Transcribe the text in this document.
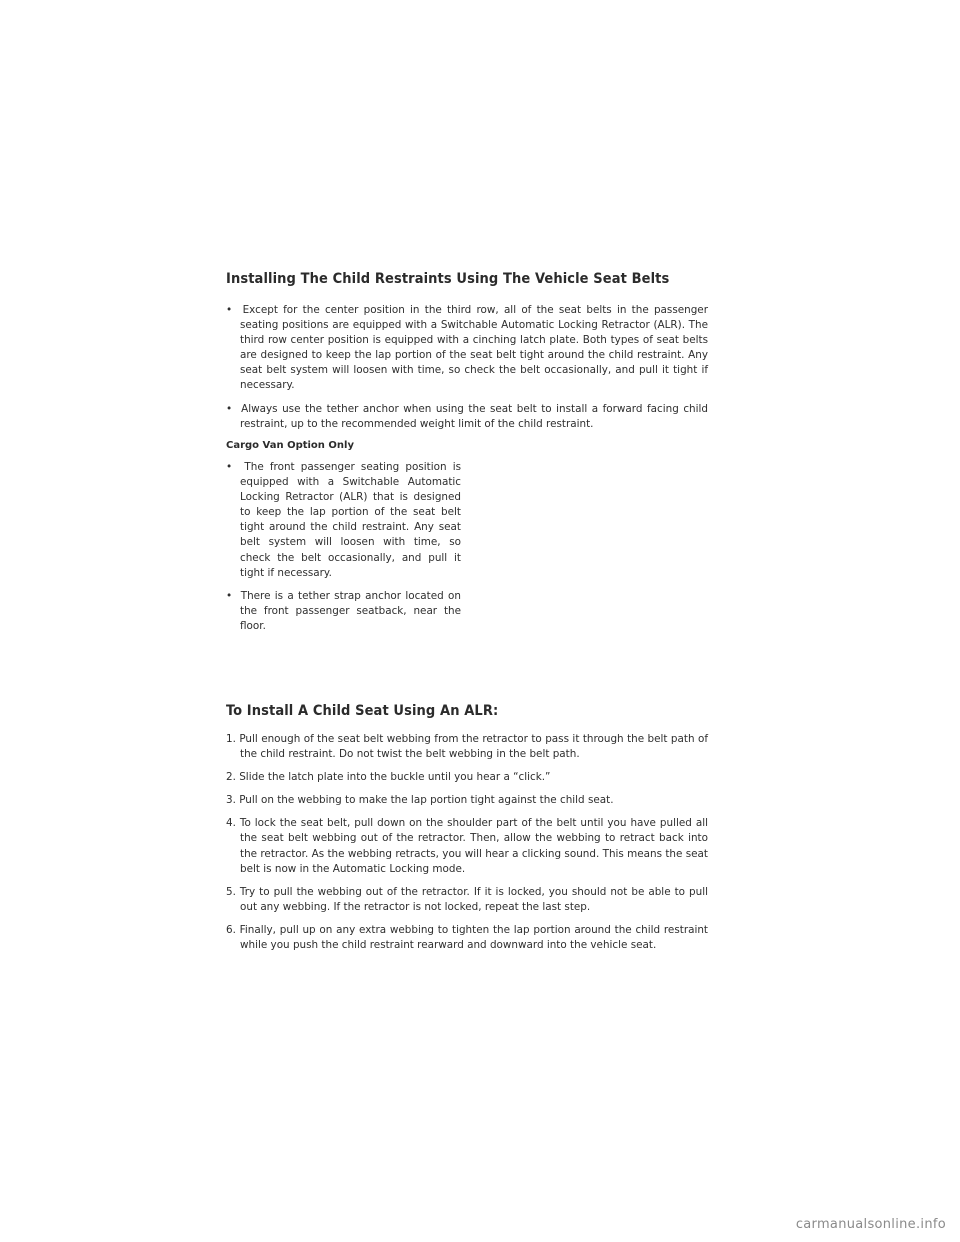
Installing The Child Restraints Using The Vehicle Seat Belts

•  Except for the center position in the third row, all of the seat belts in the passenger seating positions are equipped with a Switchable Automatic Locking Retractor (ALR). The third row center position is equipped with a cinching latch plate. Both types of seat belts are designed to keep the lap portion of the seat belt tight around the child restraint. Any seat belt system will loosen with time, so check the belt occasionally, and pull it tight if necessary.

•  Always use the tether anchor when using the seat belt to install a forward facing child restraint, up to the recommended weight limit of the child restraint.

Cargo Van Option Only

•  The front passenger seating position is equipped with a Switchable Automatic Locking Retractor (ALR) that is designed to keep the lap portion of the seat belt tight around the child restraint. Any seat belt system will loosen with time, so check the belt occasionally, and pull it tight if necessary.

•  There is a tether strap anchor located on the front passenger seatback, near the floor.

To Install A Child Seat Using An ALR:

1. Pull enough of the seat belt webbing from the retractor to pass it through the belt path of the child restraint. Do not twist the belt webbing in the belt path.

2. Slide the latch plate into the buckle until you hear a “click.”

3. Pull on the webbing to make the lap portion tight against the child seat.

4. To lock the seat belt, pull down on the shoulder part of the belt until you have pulled all the seat belt webbing out of the retractor. Then, allow the webbing to retract back into the retractor. As the webbing retracts, you will hear a clicking sound. This means the seat belt is now in the Automatic Locking mode.

5. Try to pull the webbing out of the retractor. If it is locked, you should not be able to pull out any webbing. If the retractor is not locked, repeat the last step.

6. Finally, pull up on any extra webbing to tighten the lap portion around the child restraint while you push the child restraint rearward and downward into the vehicle seat.

carmanualsonline.info
